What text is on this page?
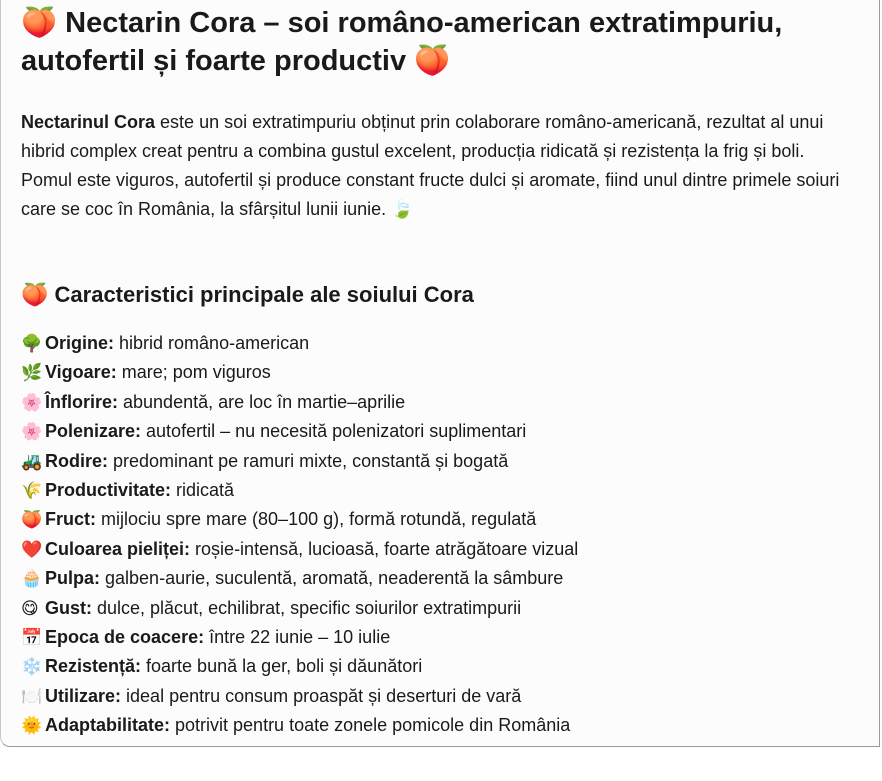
🍑 Nectarin Cora – soi româno-american extratimpuriu, autofertil și foarte productiv 🍑

Nectarinul Cora este un soi extratimpuriu obținut prin colaborare româno-americană, rezultat al unui hibrid complex creat pentru a combina gustul excelent, producția ridicată și rezistența la frig și boli.
Pomul este viguros, autofertil și produce constant fructe dulci și aromate, fiind unul dintre primele soiuri care se coc în România, la sfârșitul lunii iunie. 🍃

🍑 Caracteristici principale ale soiului Cora
🌳 Origine: hibrid româno-american
🌿 Vigoare: mare; pom viguros
🌸 Înflorire: abundentă, are loc în martie–aprilie
🌸 Polenizare: autofertil – nu necesită polenizatori suplimentari
🚜 Rodire: predominant pe ramuri mixte, constantă și bogată
🌾 Productivitate: ridicată
🍑 Fruct: mijlociu spre mare (80–100 g), formă rotundă, regulată
❤️ Culoarea pieliței: roșie-intensă, lucioasă, foarte atrăgătoare vizual
🧁 Pulpa: galben-aurie, suculentă, aromată, neaderentă la sâmbure
😋 Gust: dulce, plăcut, echilibrat, specific soiurilor extratimpurii
📅 Epoca de coacere: între 22 iunie – 10 iulie
❄️ Rezistență: foarte bună la ger, boli și dăunători
🍽️ Utilizare: ideal pentru consum proaspăt și deserturi de vară
🌞 Adaptabilitate: potrivit pentru toate zonele pomicole din România
